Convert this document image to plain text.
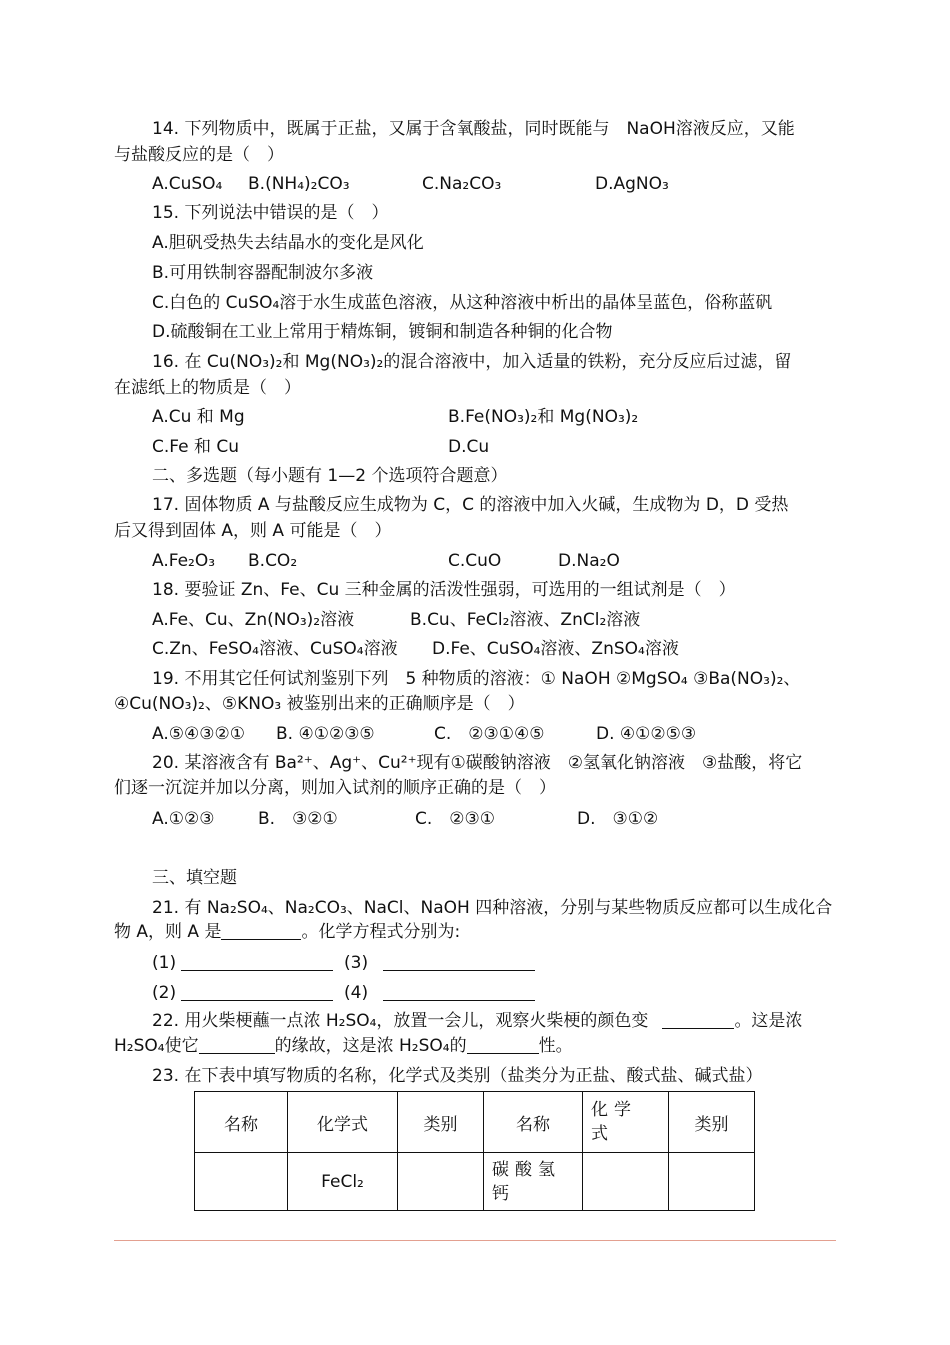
14. 下列物质中，既属于正盐，又属于含氧酸盐，同时既能与　NaOH溶液反应，又能
与盐酸反应的是（　）
A.CuSO₄ B.(NH₄)₂CO₃	C.Na₂CO₃	D.AgNO₃
15. 下列说法中错误的是（　）
A.胆矾受热失去结晶水的变化是风化
B.可用铁制容器配制波尔多液
C.白色的 CuSO₄溶于水生成蓝色溶液，从这种溶液中析出的晶体呈蓝色，俗称蓝矾
D.硫酸铜在工业上常用于精炼铜，镀铜和制造各种铜的化合物
16. 在 Cu(NO₃)₂和 Mg(NO₃)₂的混合溶液中，加入适量的铁粉，充分反应后过滤，留
在滤纸上的物质是（　）
A.Cu 和 Mg	B.Fe(NO₃)₂和 Mg(NO₃)₂
C.Fe 和 Cu	D.Cu
二、多选题（每小题有 1—2 个选项符合题意）
17. 固体物质 A 与盐酸反应生成物为 C，C 的溶液中加入火碱，生成物为 D，D 受热
后又得到固体 A，则 A 可能是（　）
A.Fe₂O₃ B.CO₂	C.CuO	D.Na₂O
18. 要验证 Zn、Fe、Cu 三种金属的活泼性强弱，可选用的一组试剂是（　）
A.Fe、Cu、Zn(NO₃)₂溶液	B.Cu、FeCl₂溶液、ZnCl₂溶液
C.Zn、FeSO₄溶液、CuSO₄溶液 D.Fe、CuSO₄溶液、ZnSO₄溶液
19. 不用其它任何试剂鉴别下列　5 种物质的溶液：① NaOH ②MgSO₄ ③Ba(NO₃)₂、
④Cu(NO₃)₂、⑤KNO₃ 被鉴别出来的正确顺序是（　）
A.⑤④③②① B. ④①②③⑤	C.　②③①④⑤	D. ④①②⑤③
20. 某溶液含有 Ba²⁺、Ag⁺、Cu²⁺现有①碳酸钠溶液　②氢氧化钠溶液　③盐酸，将它
们逐一沉淀并加以分离，则加入试剂的顺序正确的是（　）
A.①②③	B.　③②①	C.　②③①	D.　③①②
三、填空题
21. 有 Na₂SO₄、Na₂CO₃、NaCl、NaOH 四种溶液，分别与某些物质反应都可以生成化合
物 A，则 A 是	。化学方程式分别为:
(1)	(3)
(2)	(4)
22. 用火柴梗蘸一点浓 H₂SO₄，放置一会儿，观察火柴梗的颜色变	。这是浓
H₂SO₄使它	的缘故，这是浓 H₂SO₄的	性。
23. 在下表中填写物质的名称，化学式及类别（盐类分为正盐、酸式盐、碱式盐）
名称	化学式	类别	名称	化学式	类别
	FeCl₂		碳酸氢钙		
